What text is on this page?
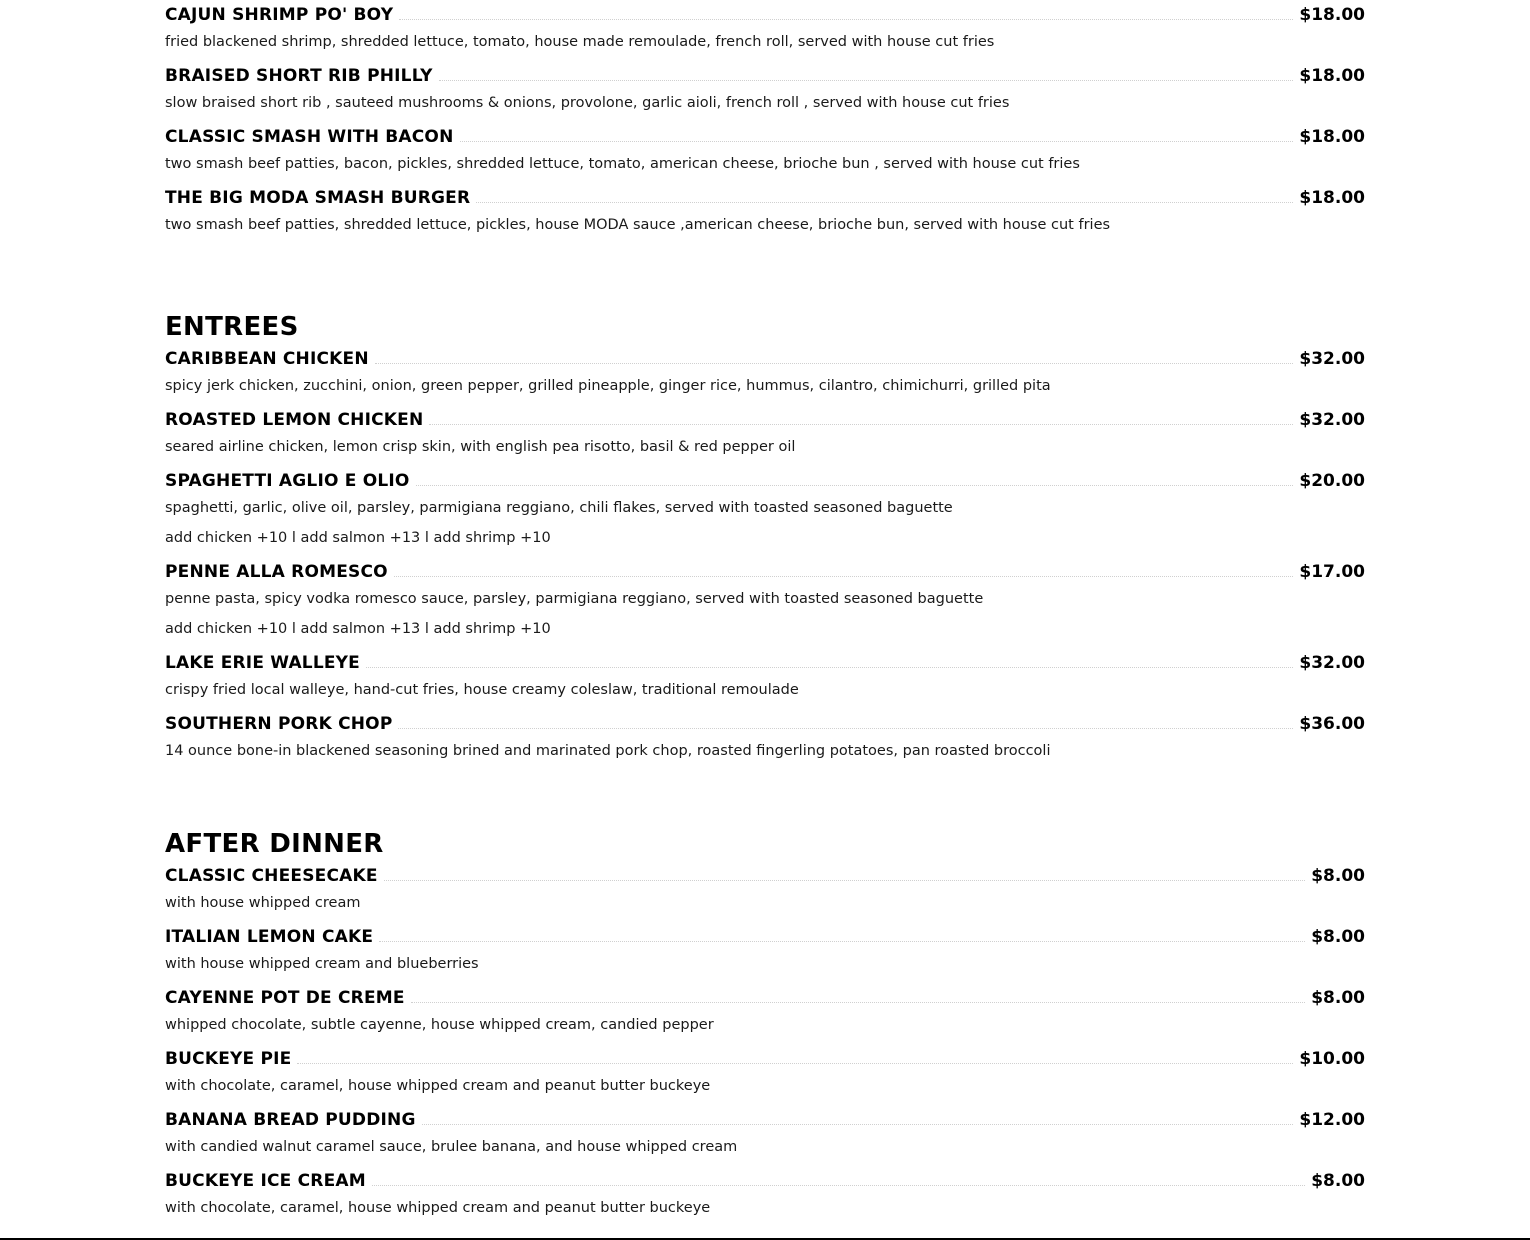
CAJUN SHRIMP PO' BOY	$18.00
fried blackened shrimp, shredded lettuce, tomato, house made remoulade, french roll, served with house cut fries
BRAISED SHORT RIB PHILLY	$18.00
slow braised short rib , sauteed mushrooms & onions, provolone, garlic aioli, french roll , served with house cut fries
CLASSIC SMASH WITH BACON	$18.00
two smash beef patties, bacon, pickles, shredded lettuce, tomato, american cheese, brioche bun , served with house cut fries
THE BIG MODA SMASH BURGER	$18.00
two smash beef patties, shredded lettuce, pickles, house MODA sauce ,american cheese, brioche bun, served with house cut fries
ENTREES
CARIBBEAN CHICKEN	$32.00
spicy jerk chicken, zucchini, onion, green pepper, grilled pineapple, ginger rice, hummus, cilantro, chimichurri, grilled pita
ROASTED LEMON CHICKEN	$32.00
seared airline chicken, lemon crisp skin, with english pea risotto, basil & red pepper oil
SPAGHETTI AGLIO E OLIO	$20.00
spaghetti, garlic, olive oil, parsley, parmigiana reggiano, chili flakes, served with toasted seasoned baguette
add chicken +10 l add salmon +13 l add shrimp +10
PENNE ALLA ROMESCO	$17.00
penne pasta, spicy vodka romesco sauce, parsley, parmigiana reggiano, served with toasted seasoned baguette
add chicken +10 l add salmon +13 l add shrimp +10
LAKE ERIE WALLEYE	$32.00
crispy fried local walleye, hand-cut fries, house creamy coleslaw, traditional remoulade
SOUTHERN PORK CHOP	$36.00
14 ounce bone-in blackened seasoning brined and marinated pork chop, roasted fingerling potatoes, pan roasted broccoli
AFTER DINNER
CLASSIC CHEESECAKE	$8.00
with house whipped cream
ITALIAN LEMON CAKE	$8.00
with house whipped cream and blueberries
CAYENNE POT DE CREME	$8.00
whipped chocolate, subtle cayenne, house whipped cream, candied pepper
BUCKEYE PIE	$10.00
with chocolate, caramel, house whipped cream and peanut butter buckeye
BANANA BREAD PUDDING	$12.00
with candied walnut caramel sauce, brulee banana, and house whipped cream
BUCKEYE ICE CREAM	$8.00
with chocolate, caramel, house whipped cream and peanut butter buckeye
